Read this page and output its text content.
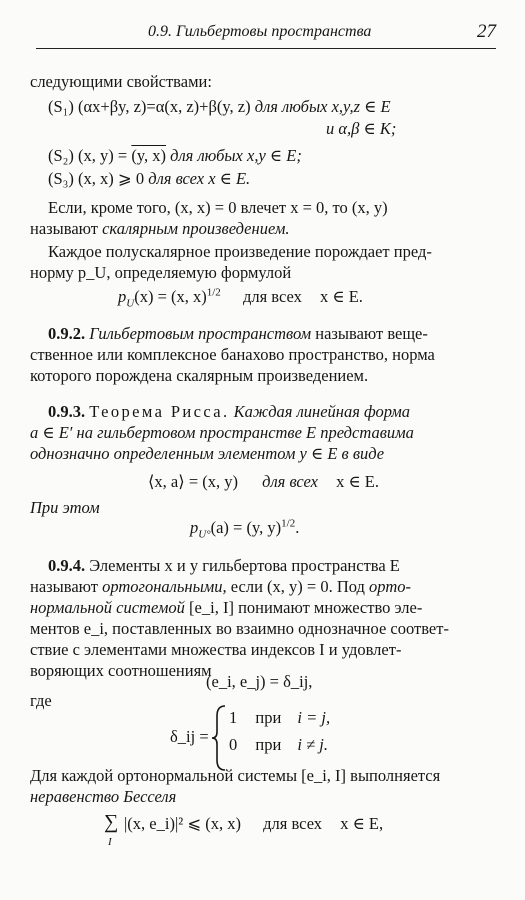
0.9. Гильбертовы пространства	27
следующими свойствами:
(S₁) (αx+βy, z)=α(x, z)+β(y, z) для любых x,y,z ∈ E
и α,β ∈ K;
(S₂) (x, y) = (y, x) для любых x,y ∈ E;
(S₃) (x, x) ⩾ 0 для всех x ∈ E.
Если, кроме того, (x, x) = 0 влечет x = 0, то (x, y)
называют скалярным произведением.
Каждое полускалярное произведение порождает пред-
норму p_U, определяемую формулой
$p_U(x) = (x$, x)$^{1/2}$ для всех x ∈ E.
0.9.2. Гильбертовым пространством называют веще-
ственное или комплексное банахово пространство, норма
которого порождена скалярным произведением.
0.9.3. Теорема Рисса. Каждая линейная форма
a ∈ E′ на гильбертовом пространстве E представима
однозначно определенным элементом y ∈ E в виде
⟨x, a⟩ = (x, y) для всех x ∈ E.
При этом
$p_{U^\circ}(a) = (y$, y)$^{1/2}$.
0.9.4. Элементы x и y гильбертова пространства E
называют ортогональными, если (x, y) = 0. Под орто-
нормальной системой [e_i, I] понимают множество эле-
ментов e_i, поставленных во взаимно однозначное соответ-
ствие с элементами множества индексов I и удовлет-
воряющих соотношениям
(e_i, e_j) = δ_ij,
где
δ_ij =
1 при i = j,
0 при i ≠ j.
Для каждой ортонормальной системы [e_i, I] выполняется
неравенство Бесселя
∑
I
|(x, e_i)|² ⩽ (x, x) для всех x ∈ E,
